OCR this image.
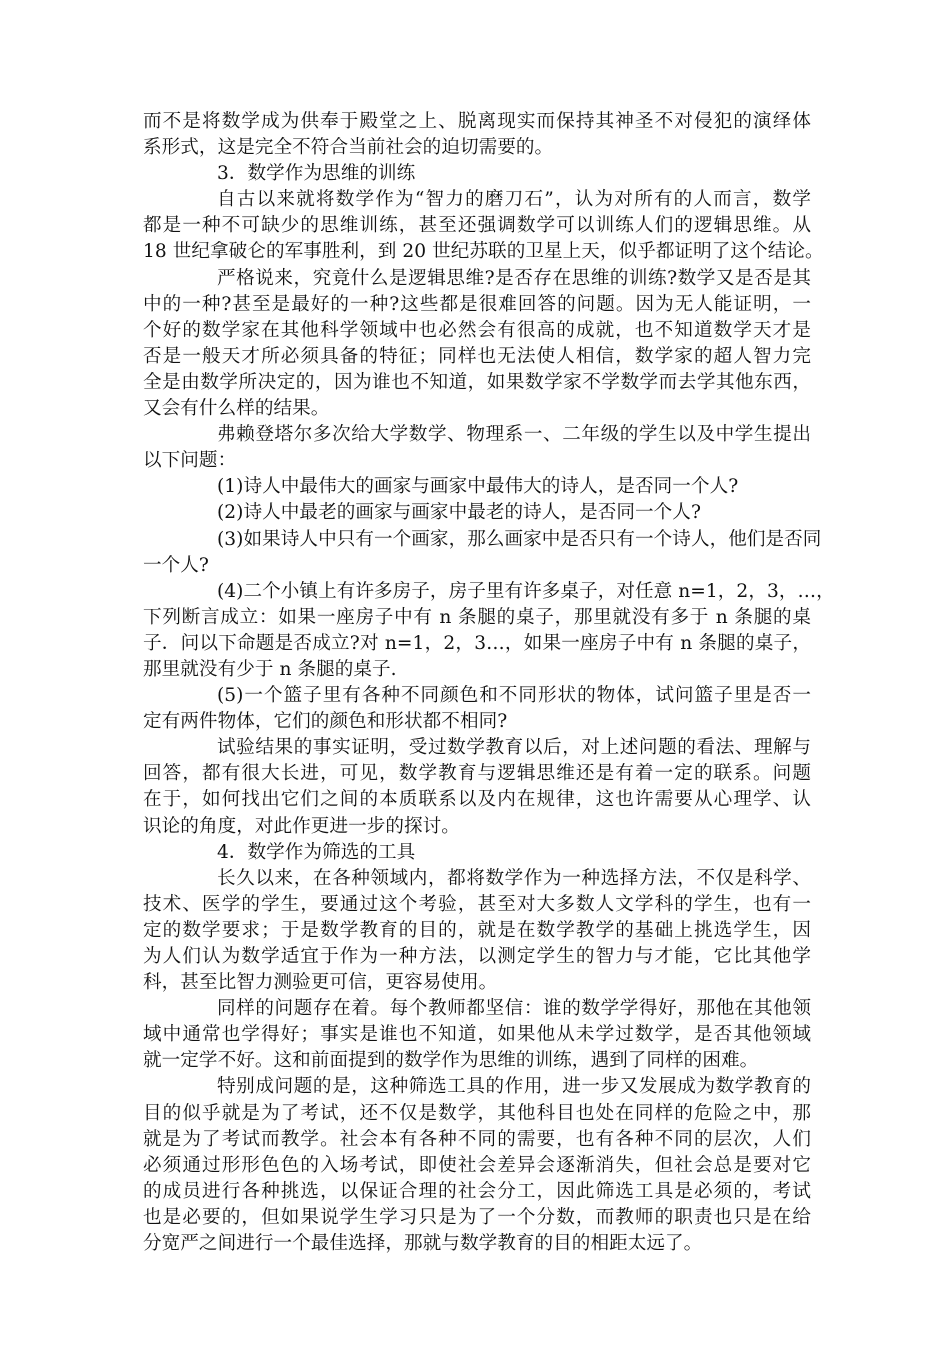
而不是将数学成为供奉于殿堂之上、脱离现实而保持其神圣不对侵犯的演绎体
系形式，这是完全不符合当前社会的迫切需要的。
3．数学作为思维的训练
自古以来就将数学作为“智力的磨刀石”，认为对所有的人而言，数学
都是一种不可缺少的思维训练，甚至还强调数学可以训练人们的逻辑思维。从
18 世纪拿破仑的军事胜利，到 20 世纪苏联的卫星上天，似乎都证明了这个结论。
严格说来，究竟什么是逻辑思维?是否存在思维的训练?数学又是否是其
中的一种?甚至是最好的一种?这些都是很难回答的问题。因为无人能证明，一
个好的数学家在其他科学领域中也必然会有很高的成就，也不知道数学天才是
否是一般天才所必须具备的特征；同样也无法使人相信，数学家的超人智力完
全是由数学所决定的，因为谁也不知道，如果数学家不学数学而去学其他东西，
又会有什么样的结果。
弗赖登塔尔多次给大学数学、物理系一、二年级的学生以及中学生提出
以下问题：
(1)诗人中最伟大的画家与画家中最伟大的诗人，是否同一个人?
(2)诗人中最老的画家与画家中最老的诗人，是否同一个人?
(3)如果诗人中只有一个画家，那么画家中是否只有一个诗人，他们是否同
一个人?
(4)二个小镇上有许多房子，房子里有许多桌子，对任意 n=1，2，3，…，
下列断言成立：如果一座房子中有 n 条腿的桌子，那里就没有多于 n 条腿的桌
子．问以下命题是否成立?对 n=1，2，3…，如果一座房子中有 n 条腿的桌子，
那里就没有少于 n 条腿的桌子.
(5)一个篮子里有各种不同颜色和不同形状的物体，试问篮子里是否一
定有两件物体，它们的颜色和形状都不相同?
试验结果的事实证明，受过数学教育以后，对上述问题的看法、理解与
回答，都有很大长进，可见，数学教育与逻辑思维还是有着一定的联系。问题
在于，如何找出它们之间的本质联系以及内在规律，这也许需要从心理学、认
识论的角度，对此作更进一步的探讨。
4．数学作为筛选的工具
长久以来，在各种领域内，都将数学作为一种选择方法，不仅是科学、
技术、医学的学生，要通过这个考验，甚至对大多数人文学科的学生，也有一
定的数学要求；于是数学教育的目的，就是在数学教学的基础上挑选学生，因
为人们认为数学适宜于作为一种方法，以测定学生的智力与才能，它比其他学
科，甚至比智力测验更可信，更容易使用。
同样的问题存在着。每个教师都坚信：谁的数学学得好，那他在其他领
域中通常也学得好；事实是谁也不知道，如果他从未学过数学，是否其他领域
就一定学不好。这和前面提到的数学作为思维的训练，遇到了同样的困难。
特别成问题的是，这种筛选工具的作用，进一步又发展成为数学教育的
目的似乎就是为了考试，还不仅是数学，其他科目也处在同样的危险之中，那
就是为了考试而教学。社会本有各种不同的需要，也有各种不同的层次，人们
必须通过形形色色的入场考试，即使社会差异会逐渐消失，但社会总是要对它
的成员进行各种挑选，以保证合理的社会分工，因此筛选工具是必须的，考试
也是必要的，但如果说学生学习只是为了一个分数，而教师的职责也只是在给
分宽严之间进行一个最佳选择，那就与数学教育的目的相距太远了。
